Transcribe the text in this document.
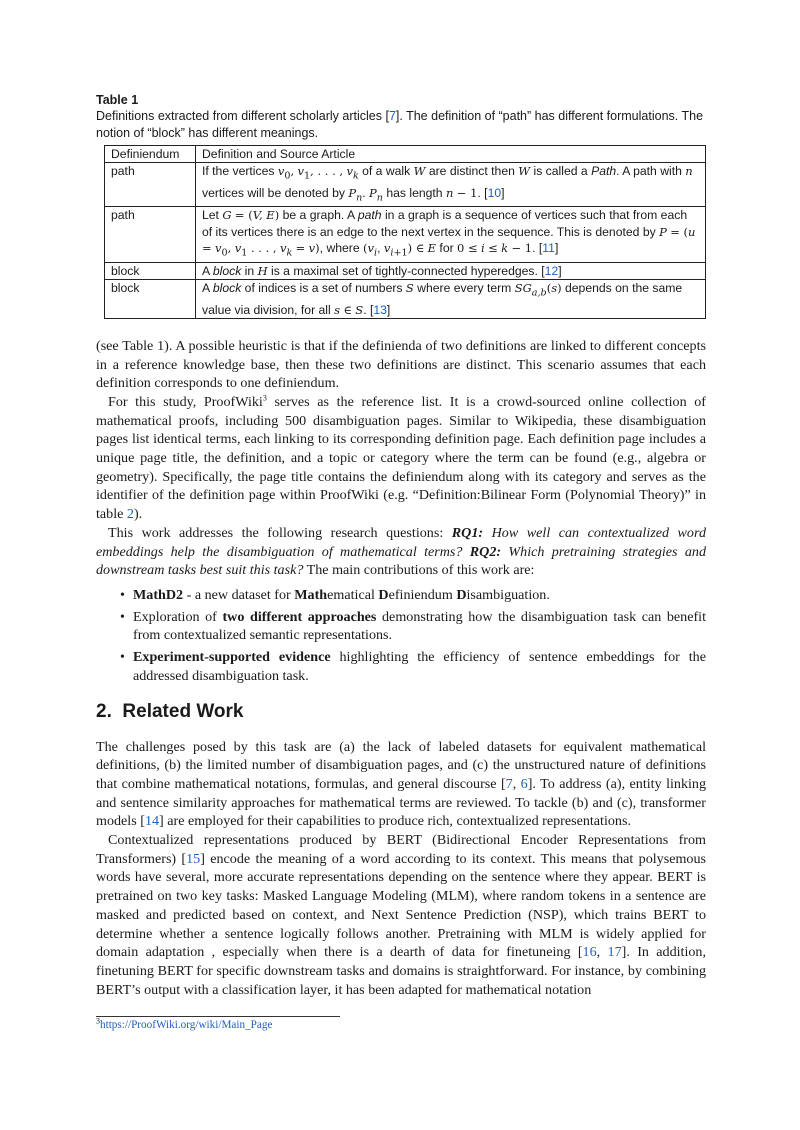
Table 1

Definitions extracted from different scholarly articles [7]. The definition of “path” has different formulations. The notion of “block” has different meanings.

Definiendum	Definition and Source Article
path	If the vertices $v_0$, $v_1$, . . . , $v_k$ of a walk W are distinct then W is called a Path. A path with n vertices will be denoted by $P_n$. $P_n$ has length n − 1. [10]
path	Let G = (V, E) be a graph. A path in a graph is a sequence of vertices such that from each of its vertices there is an edge to the next vertex in the sequence. This is denoted by $P = (u = v_0$, $v_1$ . . . , $v_k = v$), where ($v_i$, $v_{i+1}$) ∈ E for 0 ≤ i ≤ k − 1. [11]
block	A block in H is a maximal set of tightly-connected hyperedges. [12]
block	A block of indices is a set of numbers S where every term $SG_{a,b}(s)$ depends on the same value via division, for all s ∈ S. [13]

(see Table 1). A possible heuristic is that if the definienda of two definitions are linked to different concepts in a reference knowledge base, then these two definitions are distinct. This scenario assumes that each definition corresponds to one definiendum.

For this study, ProofWiki$^3$ serves as the reference list. It is a crowd-sourced online collection of mathematical proofs, including 500 disambiguation pages. Similar to Wikipedia, these disambiguation pages list identical terms, each linking to its corresponding definition page. Each definition page includes a unique page title, the definition, and a topic or category where the term can be found (e.g., algebra or geometry). Specifically, the page title contains the definiendum along with its category and serves as the identifier of the definition page within ProofWiki (e.g. “Definition:Bilinear Form (Polynomial Theory)” in table 2).

This work addresses the following research questions: RQ1: How well can contextualized word embeddings help the disambiguation of mathematical terms? RQ2: Which pretraining strategies and downstream tasks best suit this task? The main contributions of this work are:

• MathD2 - a new dataset for Mathematical Definiendum Disambiguation.
• Exploration of two different approaches demonstrating how the disambiguation task can benefit from contextualized semantic representations.
• Experiment-supported evidence highlighting the efficiency of sentence embeddings for the addressed disambiguation task.
2. Related Work

The challenges posed by this task are (a) the lack of labeled datasets for equivalent mathematical definitions, (b) the limited number of disambiguation pages, and (c) the unstructured nature of definitions that combine mathematical notations, formulas, and general discourse [7, 6]. To address (a), entity linking and sentence similarity approaches for mathematical terms are reviewed. To tackle (b) and (c), transformer models [14] are employed for their capabilities to produce rich, contextualized representations.

Contextualized representations produced by BERT (Bidirectional Encoder Representations from Transformers) [15] encode the meaning of a word according to its context. This means that polysemous words have several, more accurate representations depending on the sentence where they appear. BERT is pretrained on two key tasks: Masked Language Modeling (MLM), where random tokens in a sentence are masked and predicted based on context, and Next Sentence Prediction (NSP), which trains BERT to determine whether a sentence logically follows another. Pretraining with MLM is widely applied for domain adaptation , especially when there is a dearth of data for finetuneing [16, 17]. In addition, finetuning BERT for specific downstream tasks and domains is straightforward. For instance, by combining BERT’s output with a classification layer, it has been adapted for mathematical notation

$^3$https://ProofWiki.org/wiki/Main_Page
